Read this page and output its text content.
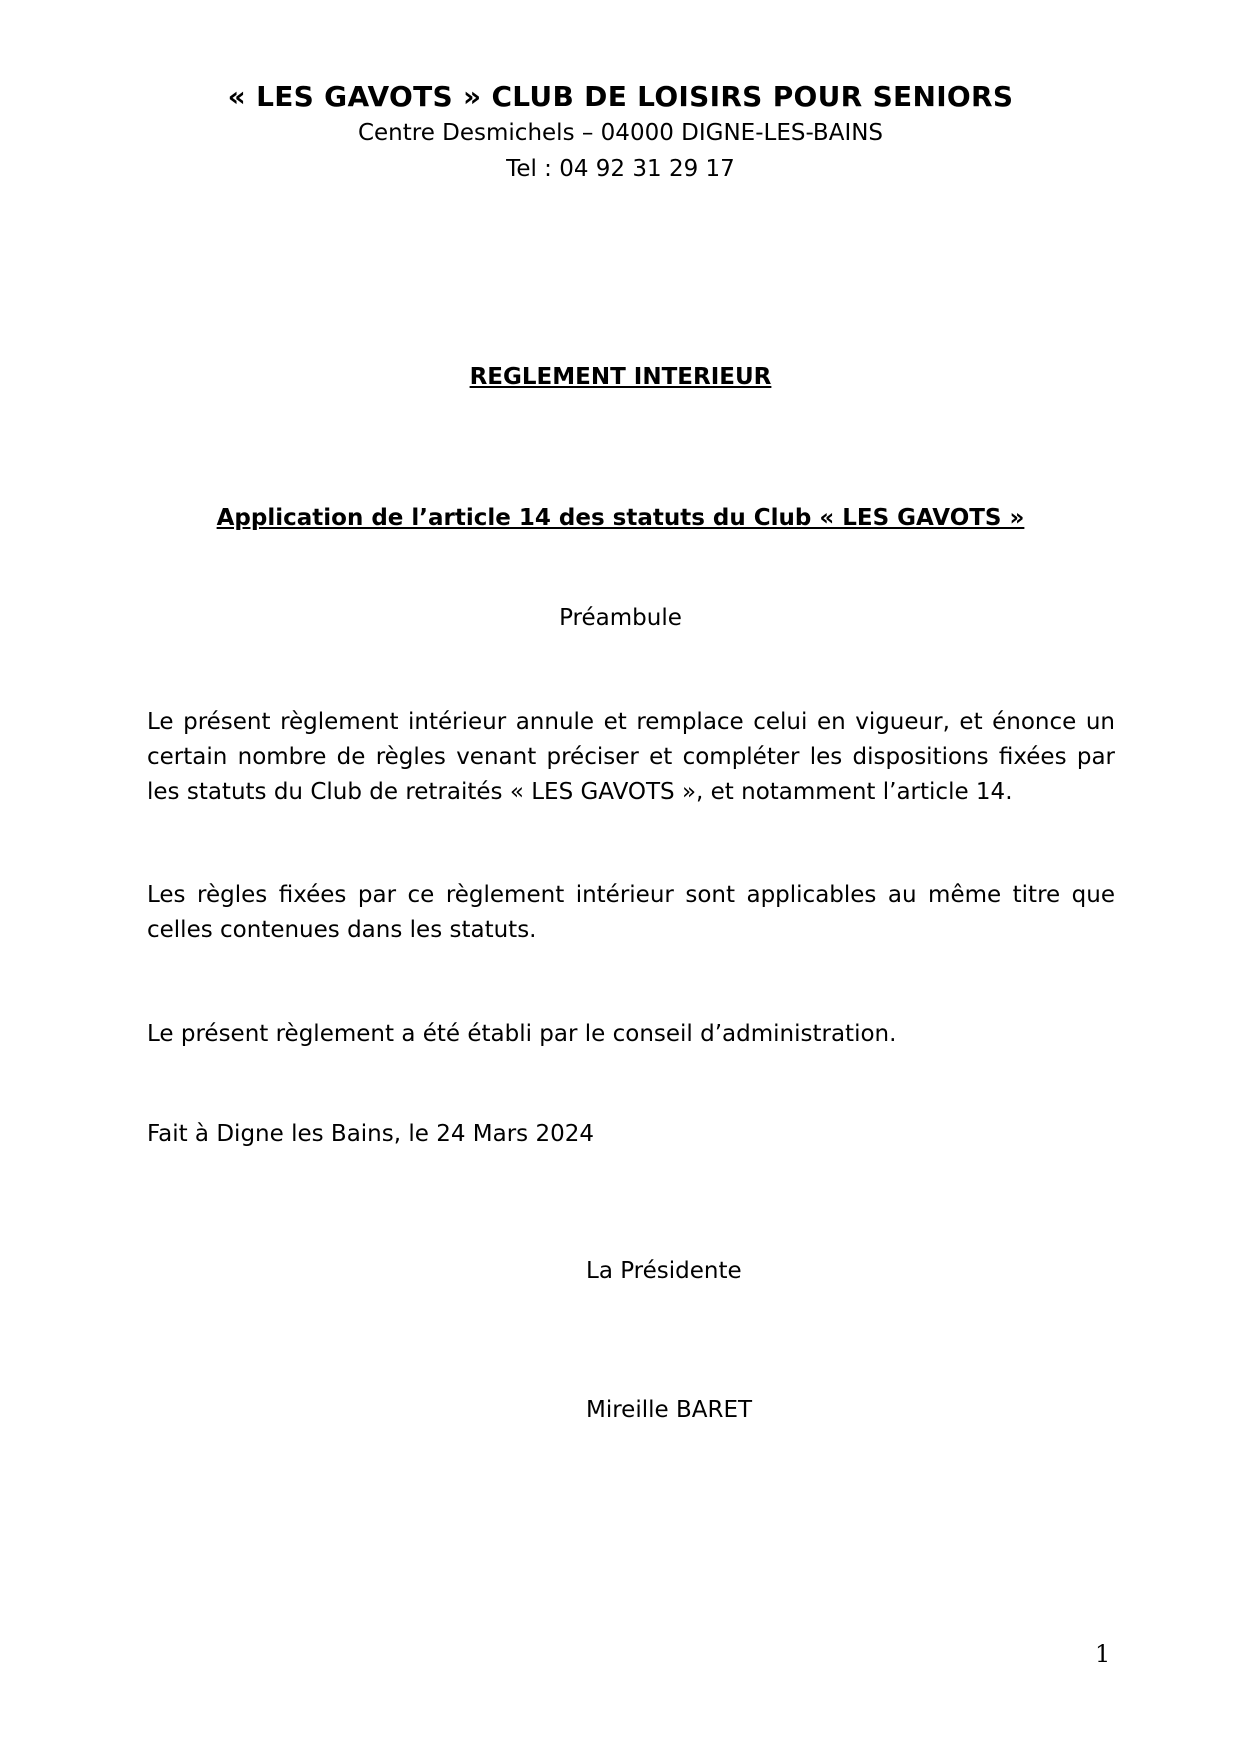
« LES GAVOTS » CLUB DE LOISIRS POUR SENIORS

Centre Desmichels – 04000 DIGNE-LES-BAINS

Tel : 04 92 31 29 17

REGLEMENT INTERIEUR
Application de l’article 14 des statuts du Club « LES GAVOTS »

Préambule

Le présent règlement intérieur annule et remplace celui en vigueur, et énonce un certain nombre de règles venant préciser et compléter les dispositions fixées par les statuts du Club de retraités « LES GAVOTS », et notamment l’article 14.

Les règles fixées par ce règlement intérieur sont applicables au même titre que celles contenues dans les statuts.

Le présent règlement a été établi par le conseil d’administration.

Fait à Digne les Bains, le 24 Mars 2024

La Présidente

Mireille BARET

1
